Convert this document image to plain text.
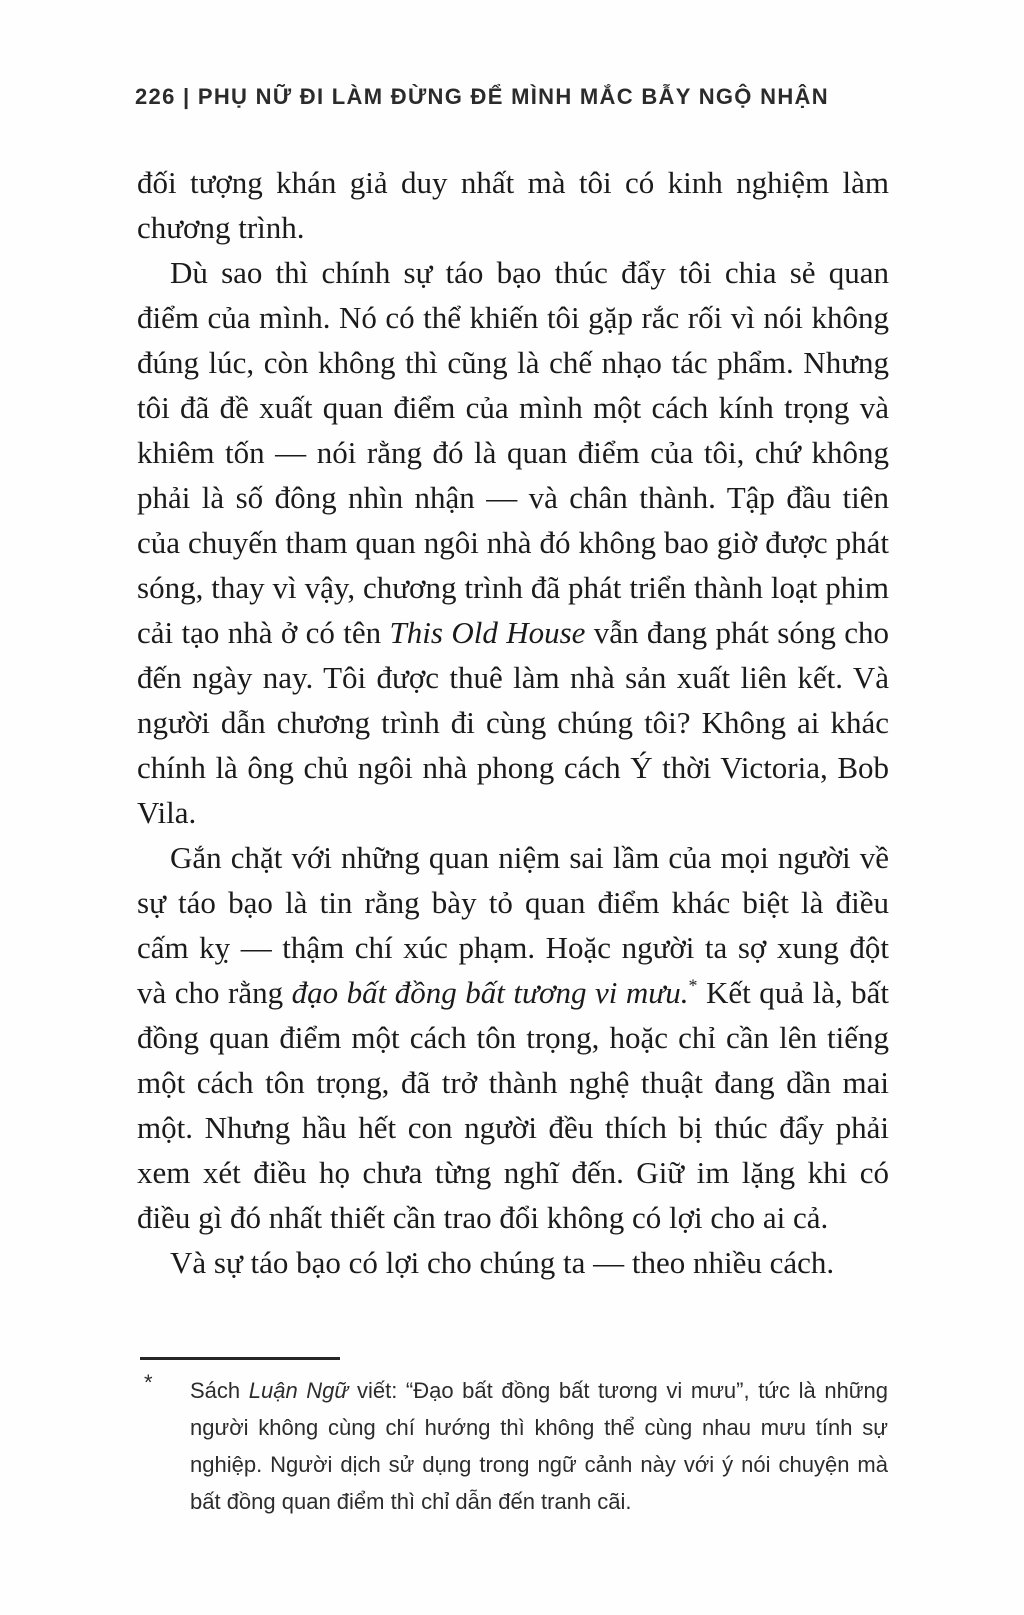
226 | PHỤ NỮ ĐI LÀM ĐỪNG ĐỂ MÌNH MẮC BẪY NGỘ NHẬN

đối tượng khán giả duy nhất mà tôi có kinh nghiệm làm chương trình.

Dù sao thì chính sự táo bạo thúc đẩy tôi chia sẻ quan điểm của mình. Nó có thể khiến tôi gặp rắc rối vì nói không đúng lúc, còn không thì cũng là chế nhạo tác phẩm. Nhưng tôi đã đề xuất quan điểm của mình một cách kính trọng và khiêm tốn — nói rằng đó là quan điểm của tôi, chứ không phải là số đông nhìn nhận — và chân thành. Tập đầu tiên của chuyến tham quan ngôi nhà đó không bao giờ được phát sóng, thay vì vậy, chương trình đã phát triển thành loạt phim cải tạo nhà ở có tên This Old House vẫn đang phát sóng cho đến ngày nay. Tôi được thuê làm nhà sản xuất liên kết. Và người dẫn chương trình đi cùng chúng tôi? Không ai khác chính là ông chủ ngôi nhà phong cách Ý thời Victoria, Bob Vila.

Gắn chặt với những quan niệm sai lầm của mọi người về sự táo bạo là tin rằng bày tỏ quan điểm khác biệt là điều cấm kỵ — thậm chí xúc phạm. Hoặc người ta sợ xung đột và cho rằng đạo bất đồng bất tương vi mưu.* Kết quả là, bất đồng quan điểm một cách tôn trọng, hoặc chỉ cần lên tiếng một cách tôn trọng, đã trở thành nghệ thuật đang dần mai một. Nhưng hầu hết con người đều thích bị thúc đẩy phải xem xét điều họ chưa từng nghĩ đến. Giữ im lặng khi có điều gì đó nhất thiết cần trao đổi không có lợi cho ai cả.

Và sự táo bạo có lợi cho chúng ta — theo nhiều cách.

* Sách Luận Ngữ viết: “Đạo bất đồng bất tương vi mưu”, tức là những người không cùng chí hướng thì không thể cùng nhau mưu tính sự nghiệp. Người dịch sử dụng trong ngữ cảnh này với ý nói chuyện mà bất đồng quan điểm thì chỉ dẫn đến tranh cãi.
